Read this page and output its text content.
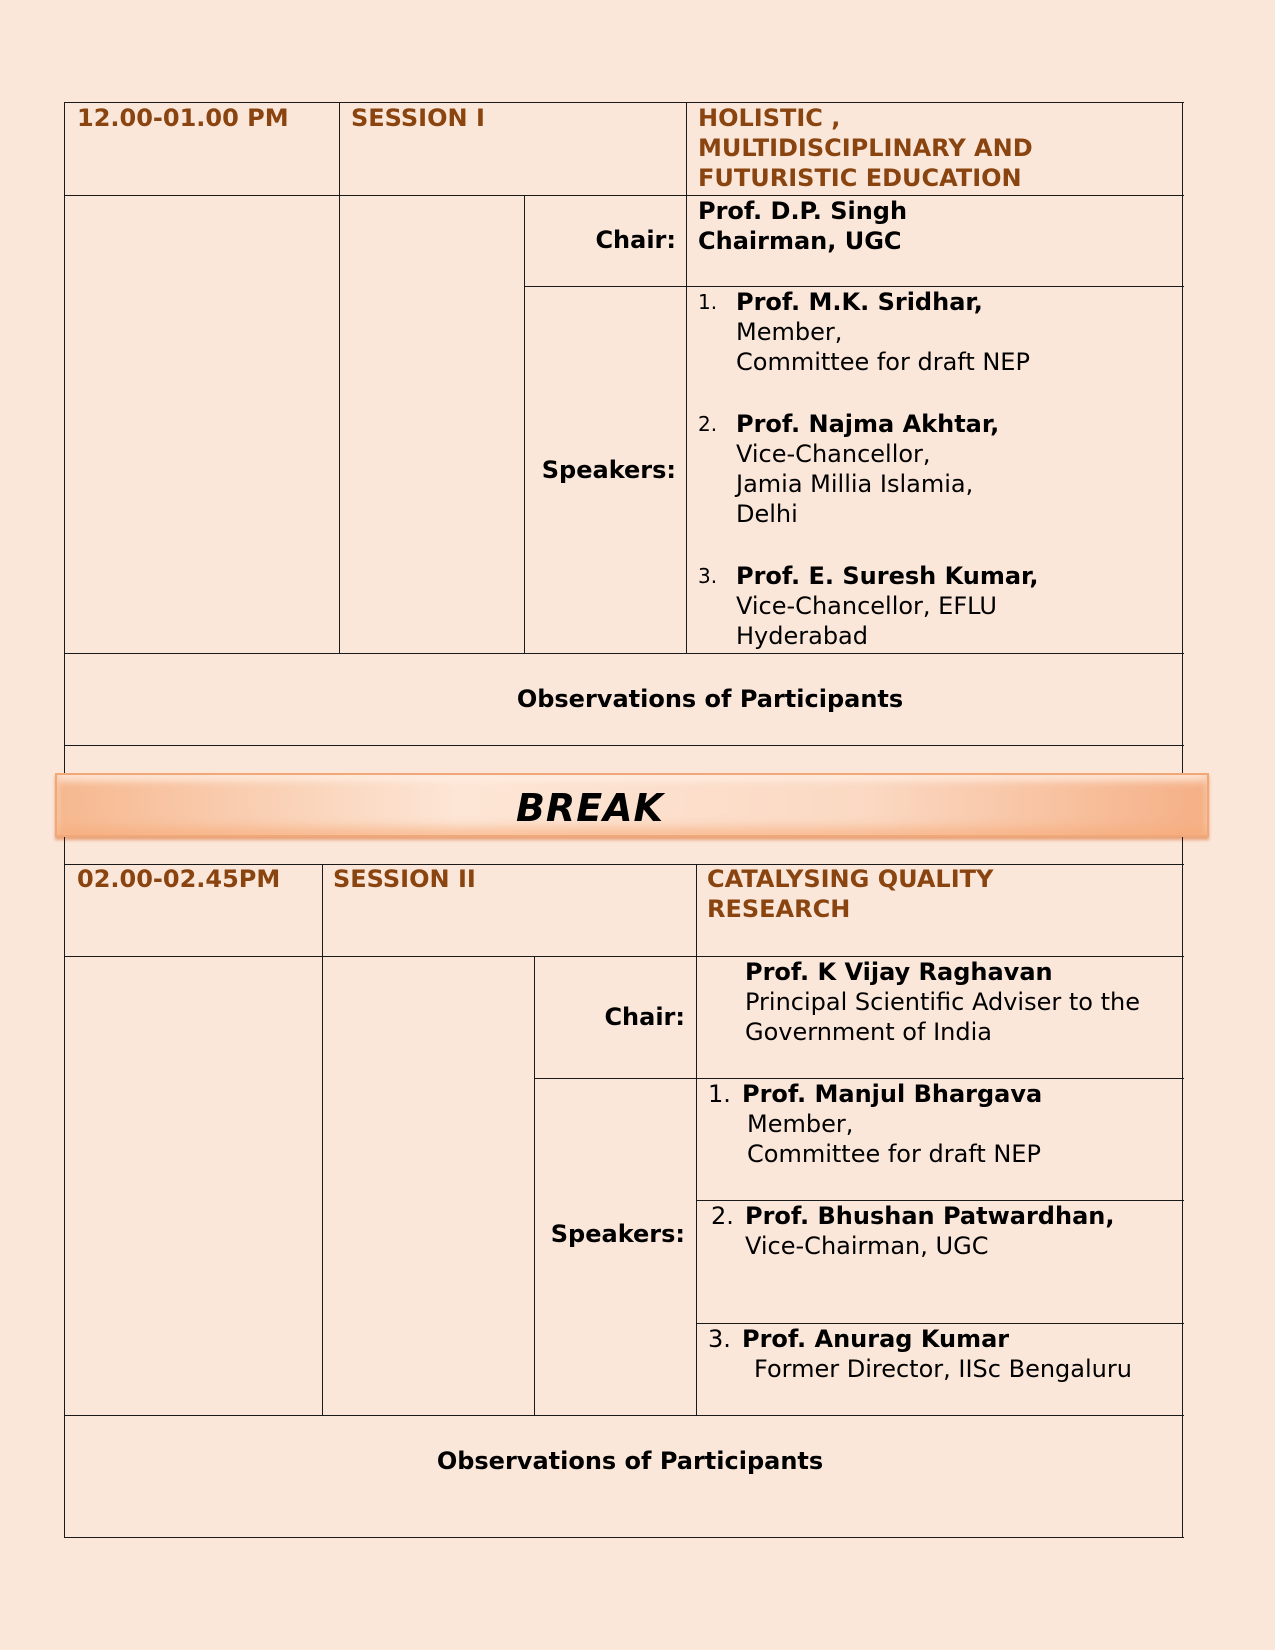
12.00-01.00 PM	SESSION I	HOLISTIC ,
MULTIDISCIPLINARY AND
FUTURISTIC EDUCATION
Chair:
Prof. D.P. Singh
Chairman, UGC
Speakers:
1. Prof. M.K. Sridhar,
Member,
Committee for draft NEP
2. Prof. Najma Akhtar,
Vice-Chancellor,
Jamia Millia Islamia,
Delhi
3. Prof. E. Suresh Kumar,
Vice-Chancellor, EFLU
Hyderabad
Observations of Participants
BREAK
02.00-02.45PM SESSION II	CATALYSING QUALITY
RESEARCH
Chair:
Prof. K Vijay Raghavan
Principal Scientific Adviser to the
Government of India
Speakers:
1. Prof. Manjul Bhargava
Member,
Committee for draft NEP
2. Prof. Bhushan Patwardhan,
Vice-Chairman, UGC
3. Prof. Anurag Kumar
Former Director, IISc Bengaluru
Observations of Participants
